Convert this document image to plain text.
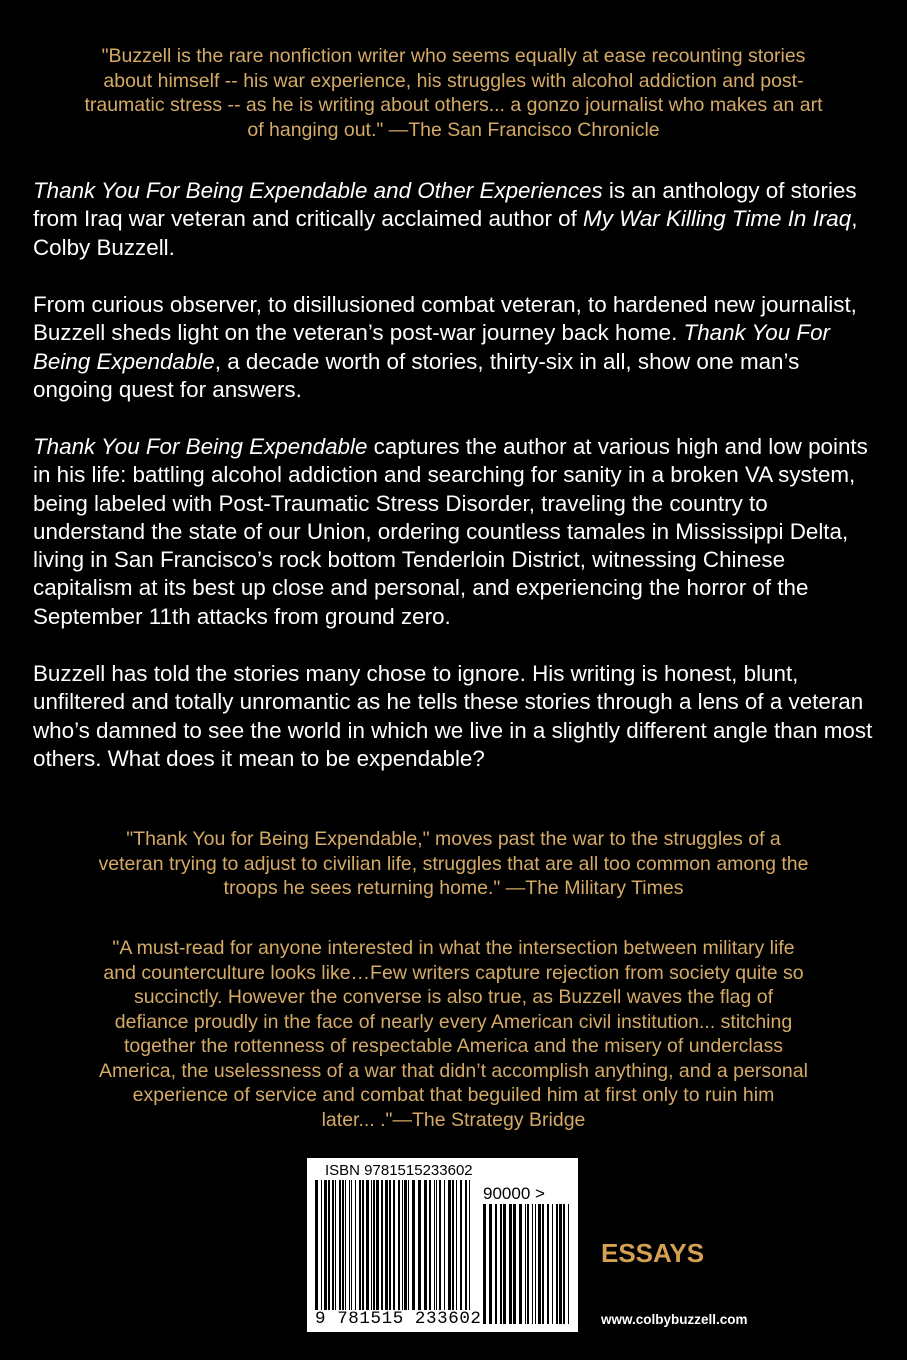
"Buzzell is the rare nonfiction writer who seems equally at ease recounting stories
about himself -- his war experience, his struggles with alcohol addiction and post-
traumatic stress -- as he is writing about others... a gonzo journalist who makes an art
of hanging out." —The San Francisco Chronicle

Thank You For Being Expendable and Other Experiences is an anthology of stories from Iraq war veteran and critically acclaimed author of My War Killing Time In Iraq, Colby Buzzell.

From curious observer, to disillusioned combat veteran, to hardened new journalist, Buzzell sheds light on the veteran’s post-war journey back home. Thank You For Being Expendable, a decade worth of stories, thirty-six in all, show one man’s ongoing quest for answers.

Thank You For Being Expendable captures the author at various high and low points in his life: battling alcohol addiction and searching for sanity in a broken VA system, being labeled with Post-Traumatic Stress Disorder, traveling the country to understand the state of our Union, ordering countless tamales in Mississippi Delta, living in San Francisco’s rock bottom Tenderloin District, witnessing Chinese capitalism at its best up close and personal, and experiencing the horror of the September 11th attacks from ground zero.

Buzzell has told the stories many chose to ignore. His writing is honest, blunt, unfiltered and totally unromantic as he tells these stories through a lens of a veteran who’s damned to see the world in which we live in a slightly different angle than most others. What does it mean to be expendable?

"Thank You for Being Expendable," moves past the war to the struggles of a
veteran trying to adjust to civilian life, struggles that are all too common among the
troops he sees returning home." —The Military Times

"A must-read for anyone interested in what the intersection between military life
and counterculture looks like…Few writers capture rejection from society quite so
succinctly. However the converse is also true, as Buzzell waves the flag of
defiance proudly in the face of nearly every American civil institution... stitching
together the rottenness of respectable America and the misery of underclass
America, the uselessness of a war that didn’t accomplish anything, and a personal
experience of service and combat that beguiled him at first only to ruin him
later... ."—The Strategy Bridge

ISBN 9781515233602
90000 >
9 781515 233602
ESSAYS
www.colbybuzzell.com
